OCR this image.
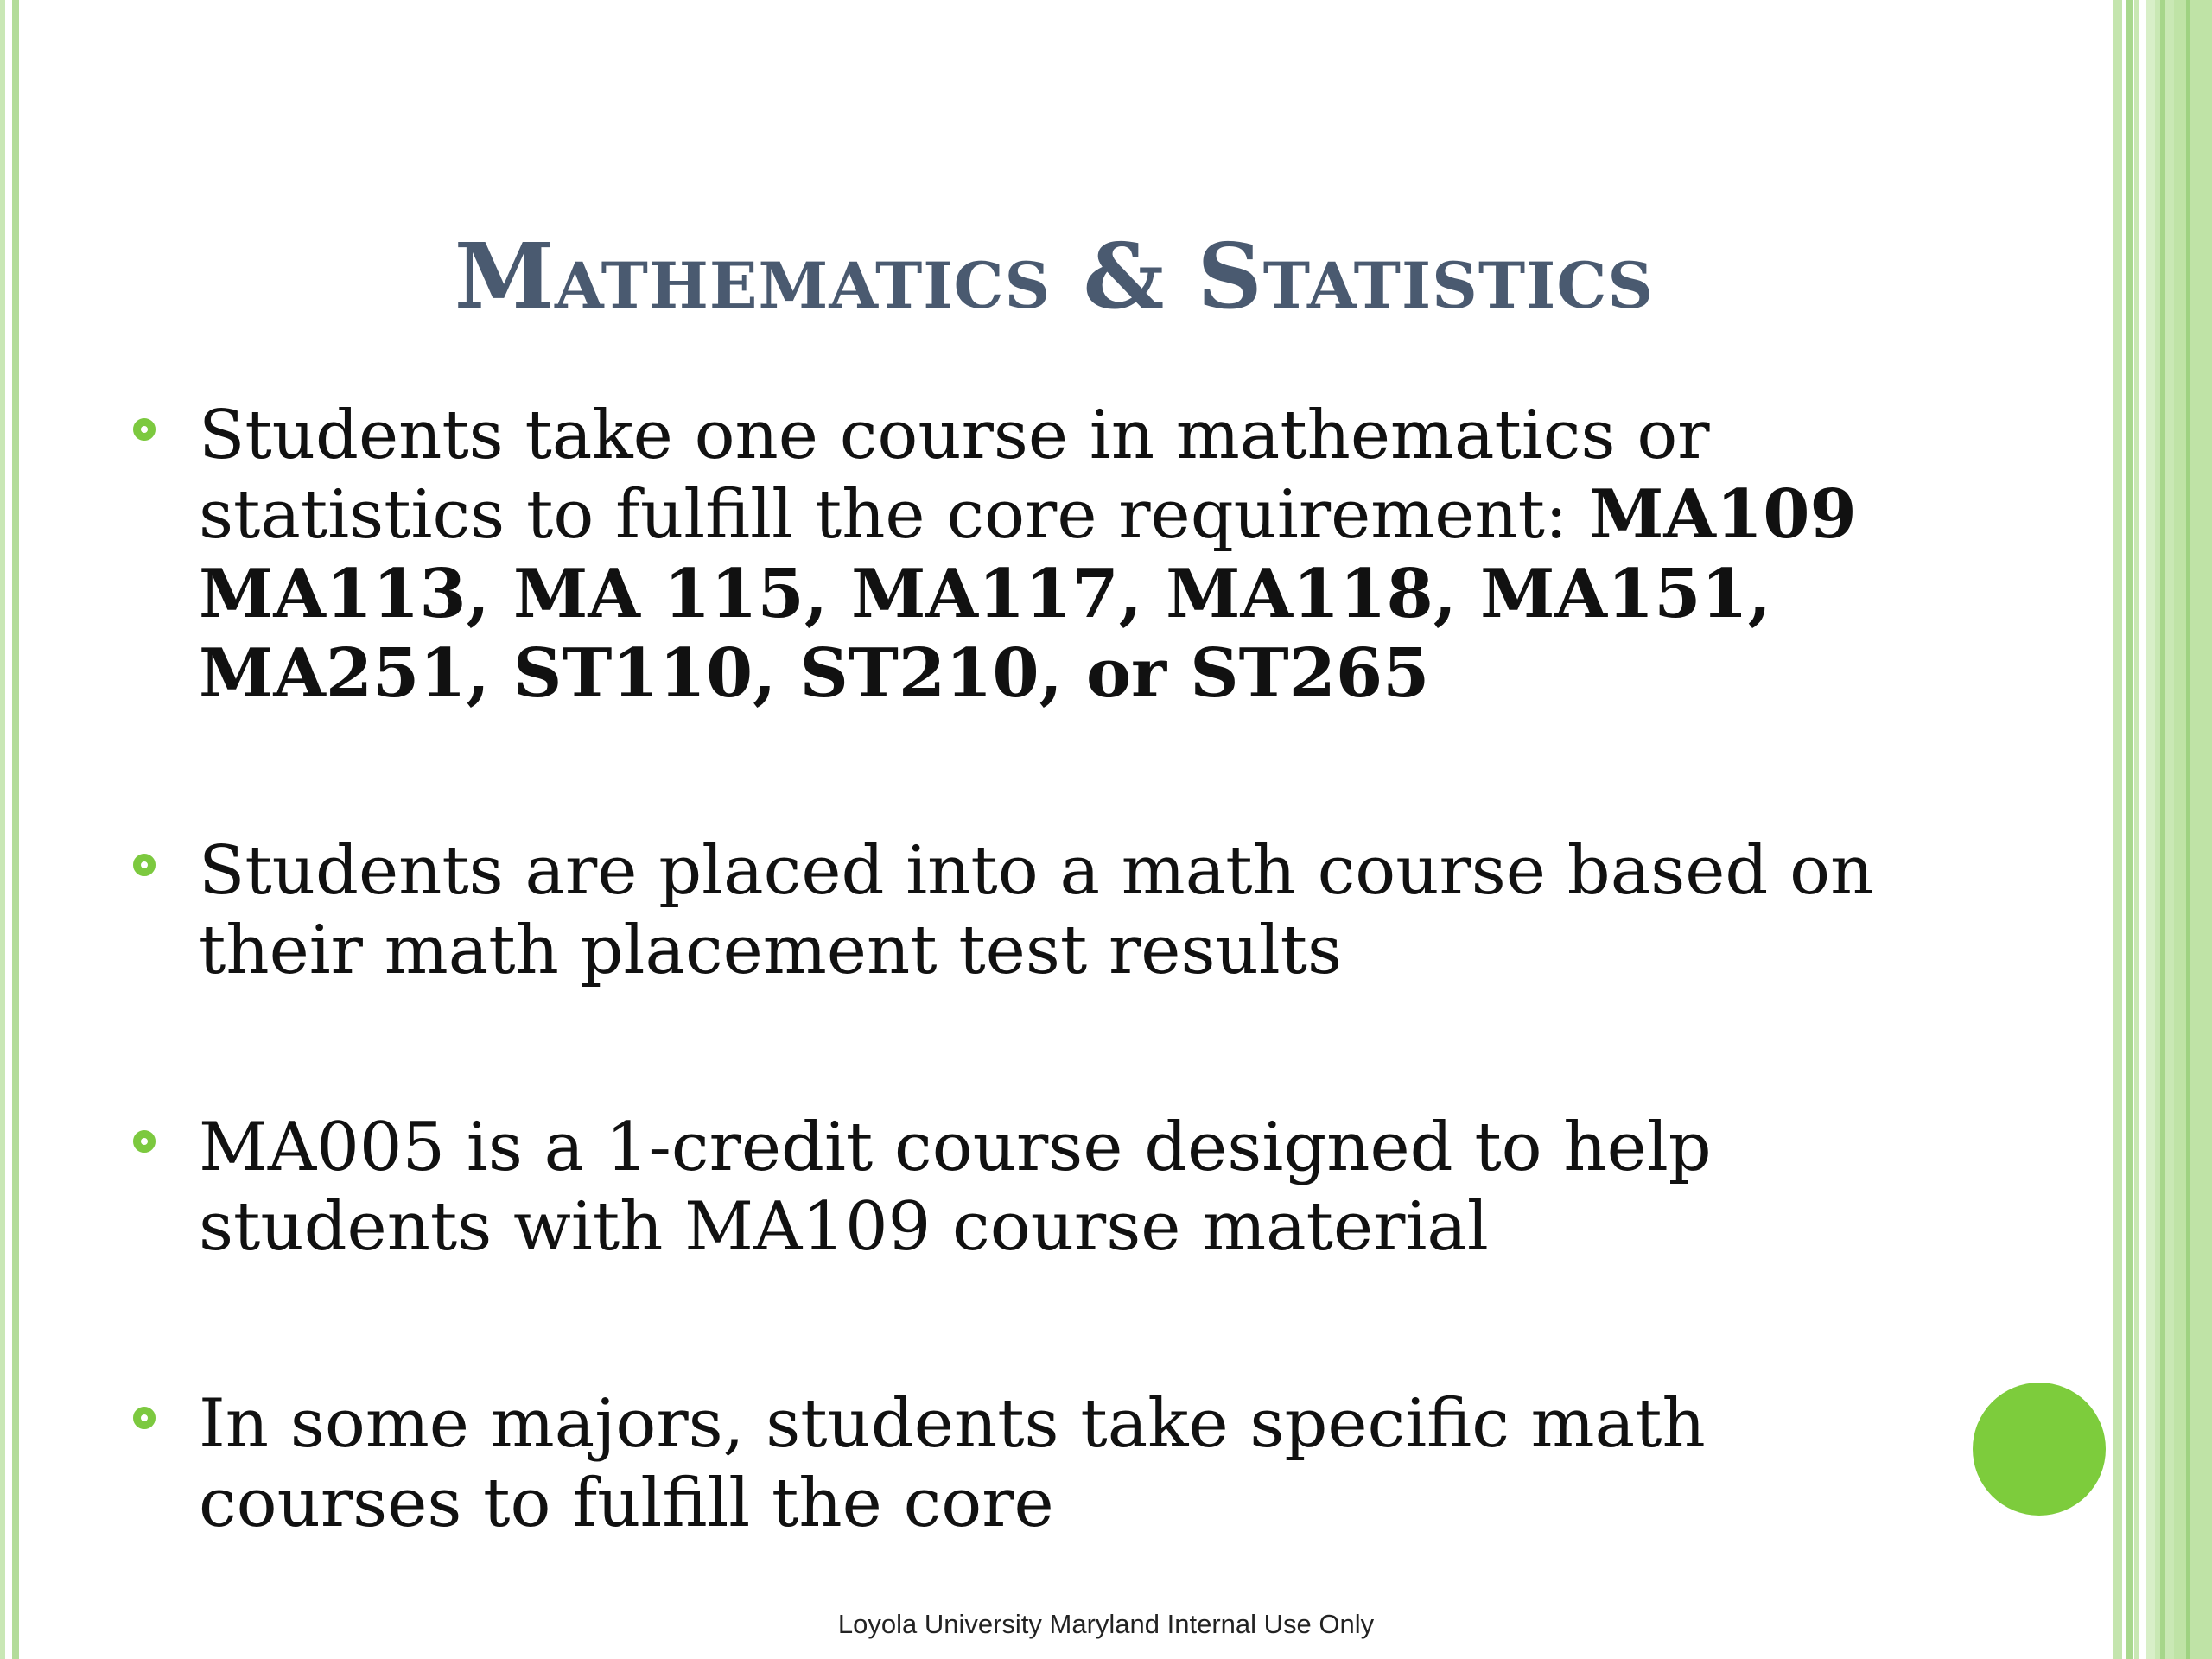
Mathematics & Statistics
Students take one course in mathematics or statistics to fulfill the core requirement: MA109 MA113, MA 115, MA117, MA118, MA151, MA251, ST110, ST210, or ST265
Students are placed into a math course based on their math placement test results
MA005 is a 1-credit course designed to help students with MA109 course material
In some majors, students take specific math courses to fulfill the core
Loyola University Maryland Internal Use Only
